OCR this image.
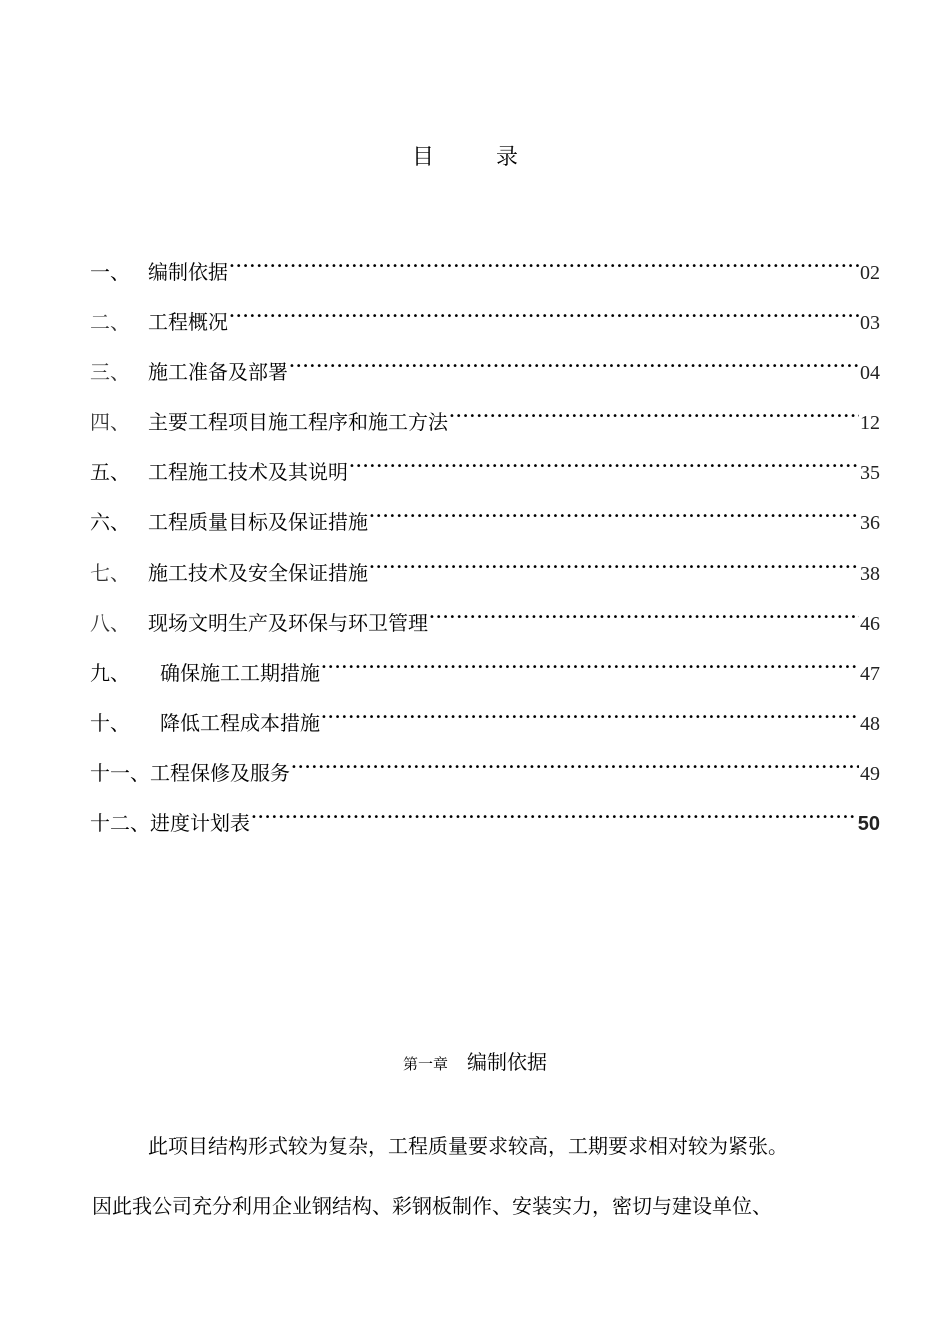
目　录
一、 编制依据 •••••	02
二、 工程概况 •••••	03
三、 施工准备及部署 •••••	04
四、 主要工程项目施工程序和施工方法 •••••	12
五、 工程施工技术及其说明 •••••	35
六、 工程质量目标及保证措施 •••••	36
七、 施工技术及安全保证措施 •••••	38
八、 现场文明生产及环保与环卫管理 •••••	46
九、	确保施工工期措施 •••••	47
十、	降低工程成本措施 •••••	48
十一、 工程保修及服务 •••••	49
十二、 进度计划表 •••••	50
第一章 编制依据
此项目结构形式较为复杂，工程质量要求较高，工期要求相对较为紧张。
因此我公司充分利用企业钢结构、彩钢板制作、安装实力，密切与建设单位、
